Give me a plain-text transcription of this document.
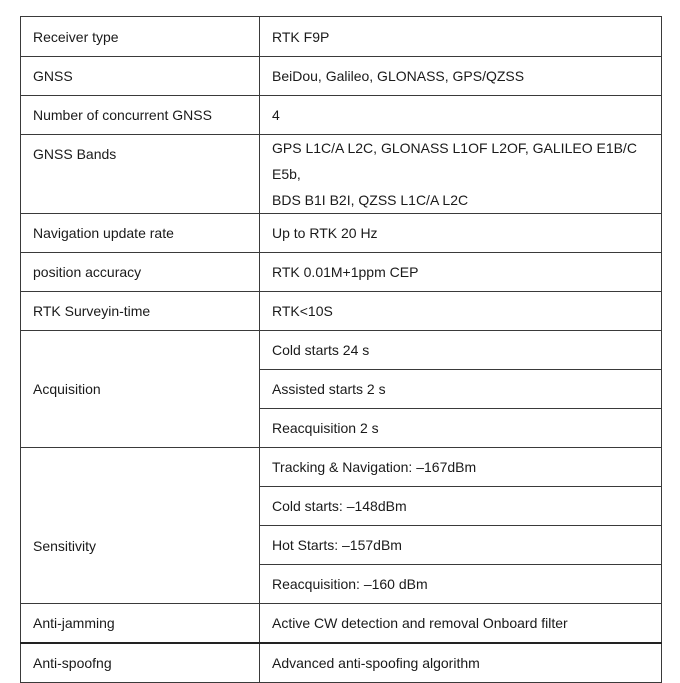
Receiver type	RTK F9P
GNSS	BeiDou, Galileo, GLONASS, GPS/QZSS
Number of concurrent GNSS	4
GNSS Bands	GPS L1C/A L2C, GLONASS L1OF L2OF, GALILEO E1B/C E5b,
BDS B1I B2I, QZSS L1C/A L2C

Navigation update rate	Up to RTK 20 Hz
position accuracy	RTK 0.01M+1ppm CEP
RTK Surveyin-time	RTK<10S
Acquisition	Cold starts 24 s
	Assisted starts 2 s
	Reacquisition 2 s
Sensitivity	Tracking & Navigation: –167dBm
	Cold starts: –148dBm
	Hot Starts: –157dBm
	Reacquisition: –160 dBm
Anti-jamming	Active CW detection and removal Onboard filter
Anti-spoofng	Advanced anti-spoofing algorithm
